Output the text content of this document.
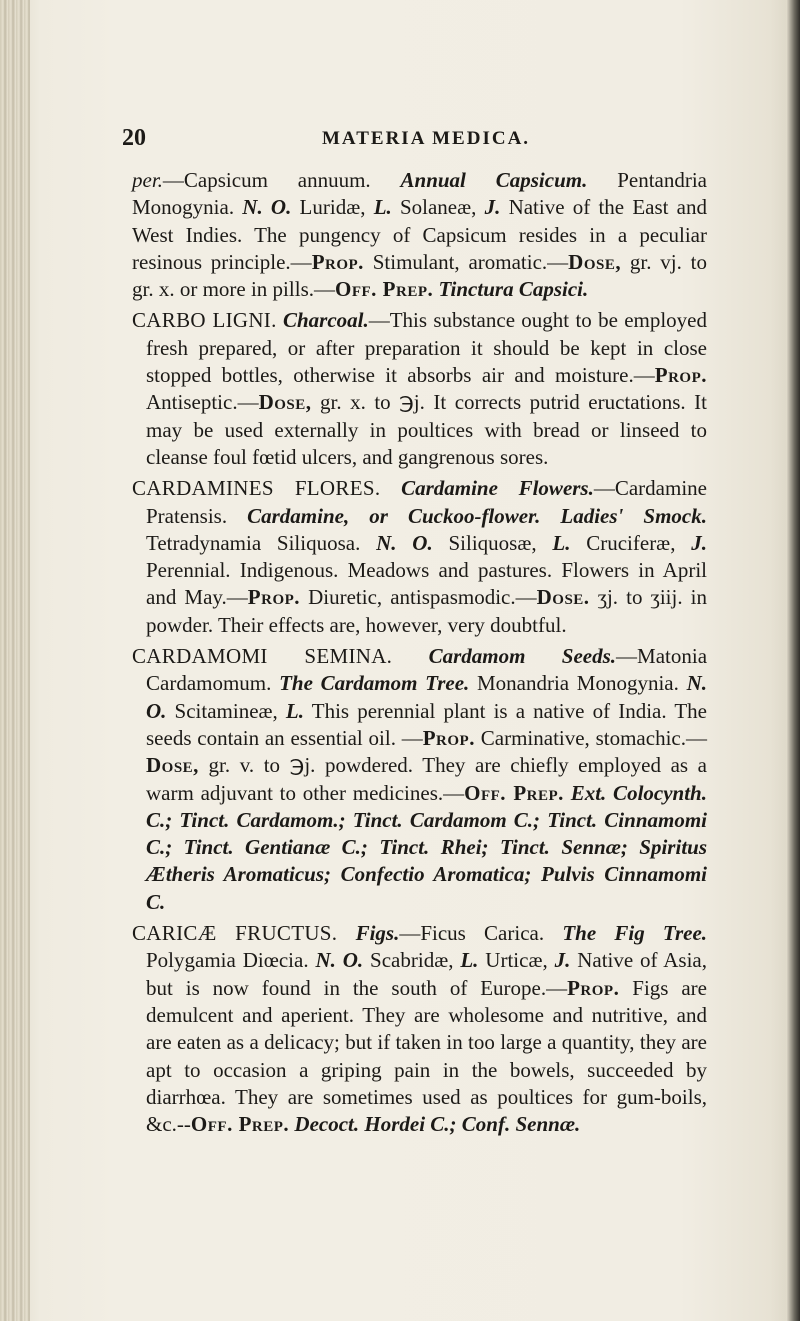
20	MATERIA MEDICA.

per.—Capsicum annuum. Annual Capsicum. Pentandria Monogynia. N. O. Luridæ, L. Solaneæ, J. Native of the East and West Indies. The pungency of Capsicum resides in a peculiar resinous principle.—Prop. Stimulant, aromatic.—Dose, gr. vj. to gr. x. or more in pills.—Off. Prep. Tinctura Capsici.

CARBO LIGNI. Charcoal.—This substance ought to be employed fresh prepared, or after preparation it should be kept in close stopped bottles, otherwise it absorbs air and moisture.—Prop. Antiseptic.—Dose, gr. x. to ℈j. It corrects putrid eructations. It may be used externally in poultices with bread or linseed to cleanse foul fœtid ulcers, and gangrenous sores.

CARDAMINES FLORES. Cardamine Flowers.—Cardamine Pratensis. Cardamine, or Cuckoo-flower. Ladies' Smock. Tetradynamia Siliquosa. N. O. Siliquosæ, L. Cruciferæ, J. Perennial. Indigenous. Meadows and pastures. Flowers in April and May.—Prop. Diuretic, antispasmodic.—Dose. ʒj. to ʒiij. in powder. Their effects are, however, very doubtful.

CARDAMOMI SEMINA. Cardamom Seeds.—Matonia Cardamomum. The Cardamom Tree. Monandria Monogynia. N. O. Scitamineæ, L. This perennial plant is a native of India. The seeds contain an essential oil. —Prop. Carminative, stomachic.—Dose, gr. v. to ℈j. powdered. They are chiefly employed as a warm adjuvant to other medicines.—Off. Prep. Ext. Colocynth. C.; Tinct. Cardamom.; Tinct. Cardamom C.; Tinct. Cinnamomi C.; Tinct. Gentianæ C.; Tinct. Rhei; Tinct. Sennæ; Spiritus Ætheris Aromaticus; Confectio Aromatica; Pulvis Cinnamomi C.

CARICÆ FRUCTUS. Figs.—Ficus Carica. The Fig Tree. Polygamia Diœcia. N. O. Scabridæ, L. Urticæ, J. Native of Asia, but is now found in the south of Europe.—Prop. Figs are demulcent and aperient. They are wholesome and nutritive, and are eaten as a delicacy; but if taken in too large a quantity, they are apt to occasion a griping pain in the bowels, succeeded by diarrhœa. They are sometimes used as poultices for gum-boils, &c.--Off. Prep. Decoct. Hordei C.; Conf. Sennæ.
